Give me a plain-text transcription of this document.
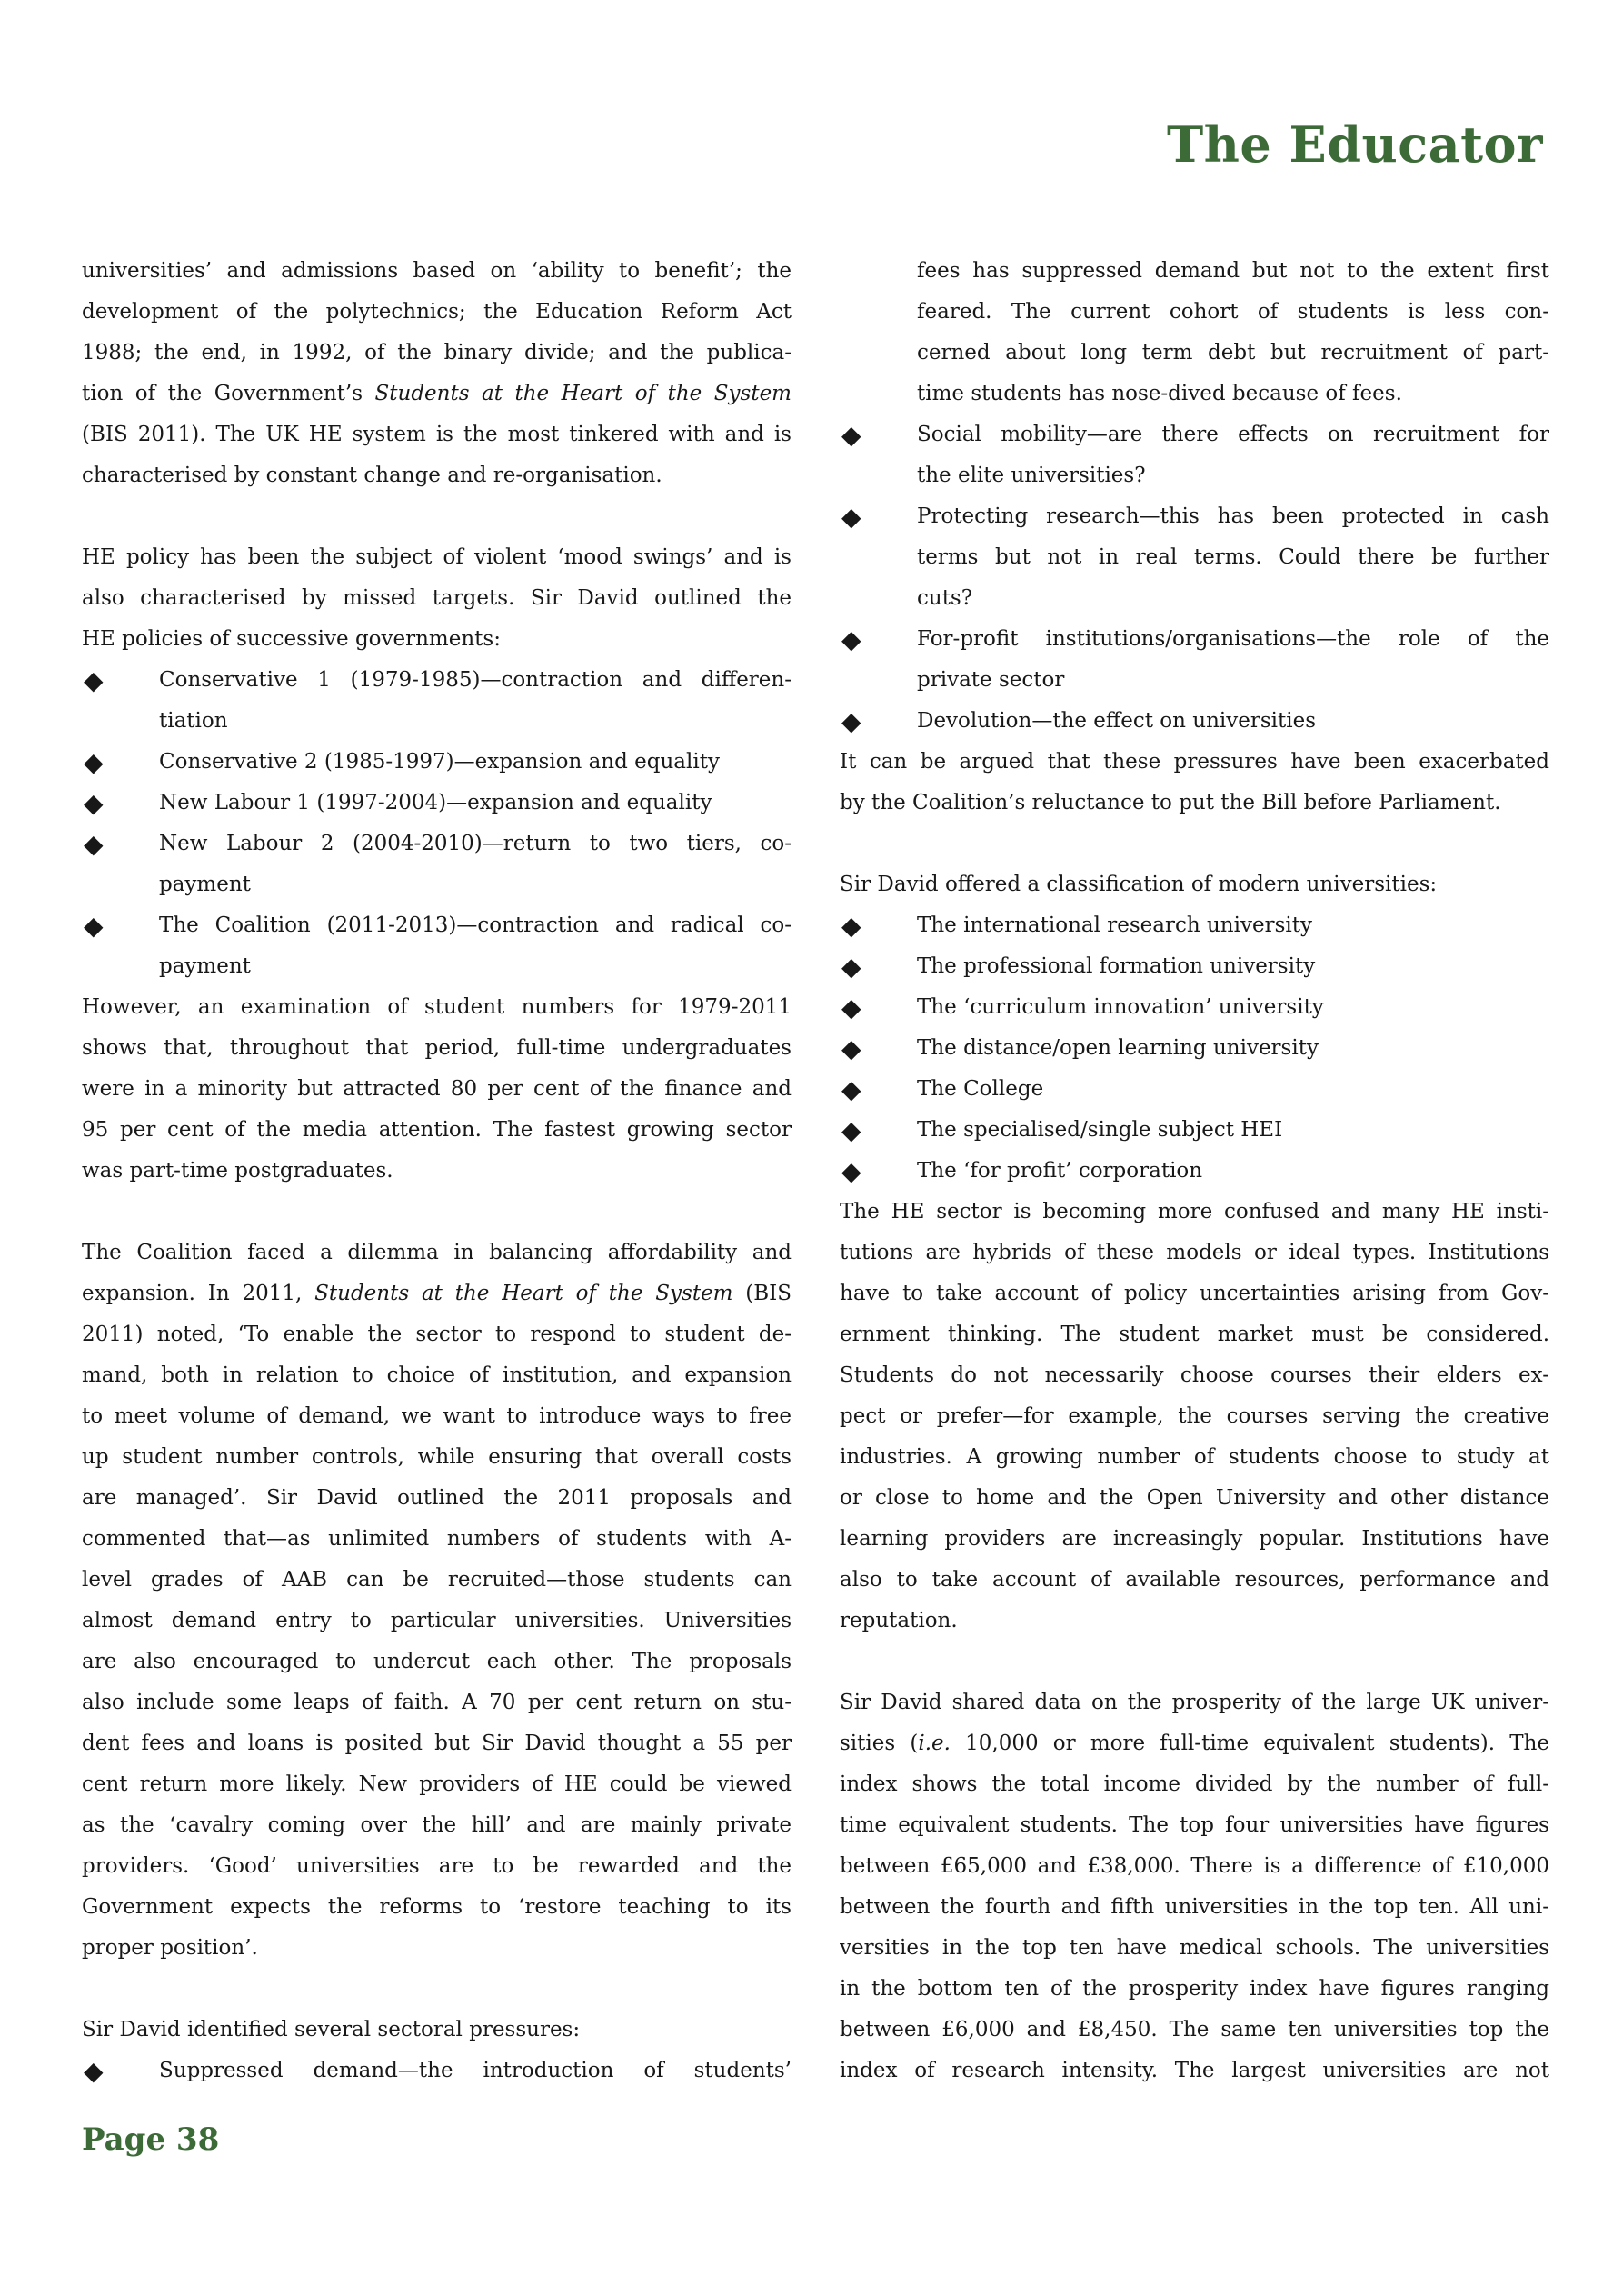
The Educator
universities’ and admissions based on ‘ability to benefit’; the
development of the polytechnics; the Education Reform Act
1988; the end, in 1992, of the binary divide; and the publica-
tion of the Government’s Students at the Heart of the System
(BIS 2011). The UK HE system is the most tinkered with and is
characterised by constant change and re-organisation.
HE policy has been the subject of violent ‘mood swings’ and is
also characterised by missed targets. Sir David outlined the
HE policies of successive governments:
◆	Conservative 1 (1979-1985)—contraction and differen-
tiation
◆	Conservative 2 (1985-1997)—expansion and equality
◆	New Labour 1 (1997-2004)—expansion and equality
◆	New Labour 2 (2004-2010)—return to two tiers, co-
payment
◆	The Coalition (2011-2013)—contraction and radical co-
payment
However, an examination of student numbers for 1979-2011
shows that, throughout that period, full-time undergraduates
were in a minority but attracted 80 per cent of the finance and
95 per cent of the media attention. The fastest growing sector
was part-time postgraduates.
The Coalition faced a dilemma in balancing affordability and
expansion. In 2011, Students at the Heart of the System (BIS
2011) noted, ‘To enable the sector to respond to student de-
mand, both in relation to choice of institution, and expansion
to meet volume of demand, we want to introduce ways to free
up student number controls, while ensuring that overall costs
are managed’. Sir David outlined the 2011 proposals and
commented that—as unlimited numbers of students with A-
level grades of AAB can be recruited—those students can
almost demand entry to particular universities. Universities
are also encouraged to undercut each other. The proposals
also include some leaps of faith. A 70 per cent return on stu-
dent fees and loans is posited but Sir David thought a 55 per
cent return more likely. New providers of HE could be viewed
as the ‘cavalry coming over the hill’ and are mainly private
providers. ‘Good’ universities are to be rewarded and the
Government expects the reforms to ‘restore teaching to its
proper position’.
Sir David identified several sectoral pressures:
◆	Suppressed demand—the introduction of students’
fees has suppressed demand but not to the extent first
feared. The current cohort of students is less con-
cerned about long term debt but recruitment of part-
time students has nose-dived because of fees.
◆	Social mobility—are there effects on recruitment for
the elite universities?
◆	Protecting research—this has been protected in cash
terms but not in real terms. Could there be further
cuts?
◆	For-profit institutions/organisations—the role of the
private sector
◆	Devolution—the effect on universities
It can be argued that these pressures have been exacerbated
by the Coalition’s reluctance to put the Bill before Parliament.
Sir David offered a classification of modern universities:
◆	The international research university
◆	The professional formation university
◆	The ‘curriculum innovation’ university
◆	The distance/open learning university
◆	The College
◆	The specialised/single subject HEI
◆	The ‘for profit’ corporation
The HE sector is becoming more confused and many HE insti-
tutions are hybrids of these models or ideal types. Institutions
have to take account of policy uncertainties arising from Gov-
ernment thinking. The student market must be considered.
Students do not necessarily choose courses their elders ex-
pect or prefer—for example, the courses serving the creative
industries. A growing number of students choose to study at
or close to home and the Open University and other distance
learning providers are increasingly popular. Institutions have
also to take account of available resources, performance and
reputation.
Sir David shared data on the prosperity of the large UK univer-
sities (i.e. 10,000 or more full-time equivalent students). The
index shows the total income divided by the number of full-
time equivalent students. The top four universities have figures
between £65,000 and £38,000. There is a difference of £10,000
between the fourth and fifth universities in the top ten. All uni-
versities in the top ten have medical schools. The universities
in the bottom ten of the prosperity index have figures ranging
between £6,000 and £8,450. The same ten universities top the
index of research intensity. The largest universities are not
Page 38
